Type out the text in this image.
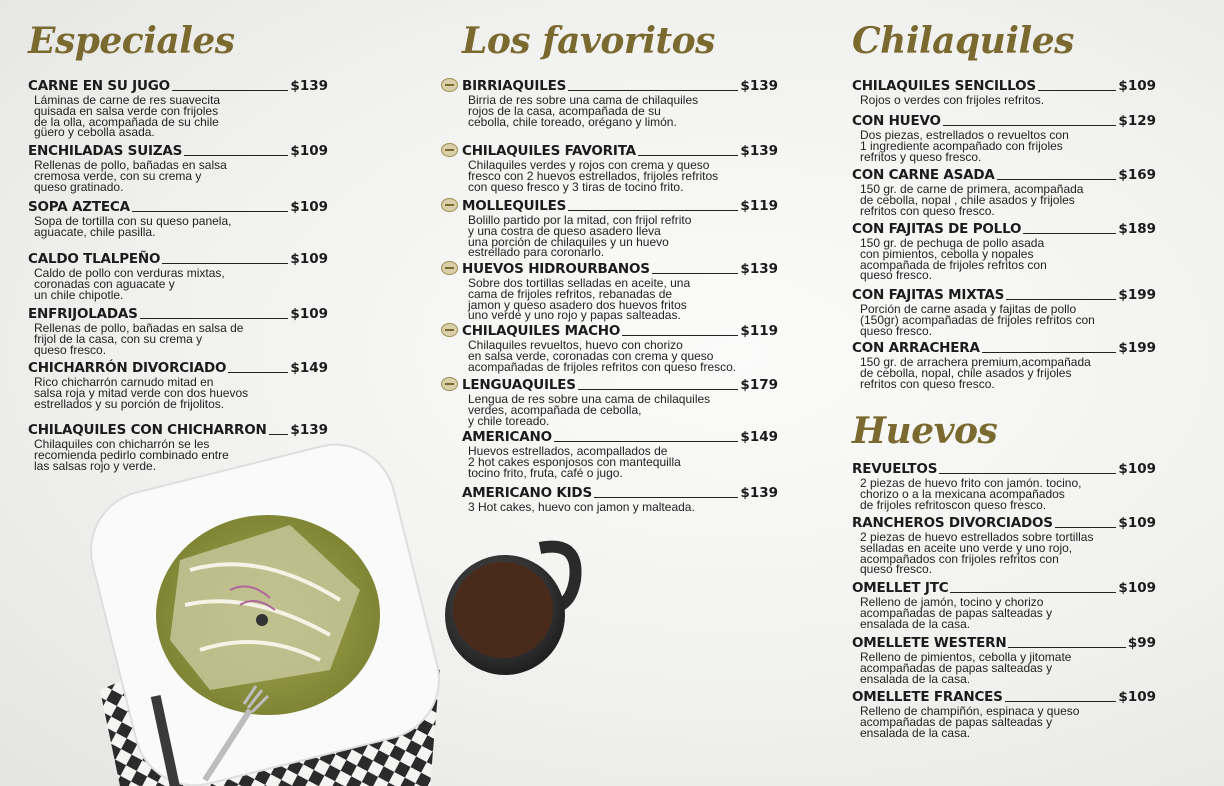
Especiales
CARNE EN SU JUGO	$139
Láminas de carne de res suavecita
quisada en salsa verde con frijoles
de la olla, acompañada de su chile
güero y cebolla asada.
ENCHILADAS SUIZAS	$109
Rellenas de pollo, bañadas en salsa
cremosa verde, con su crema y
queso gratinado.
SOPA AZTECA	$109
Sopa de tortilla con su queso panela,
aguacate, chile pasilla.
CALDO TLALPEÑO	$109
Caldo de pollo con verduras mixtas,
coronadas con aguacate y
un chile chipotle.
ENFRIJOLADAS	$109
Rellenas de pollo, bañadas en salsa de
frijol de la casa, con su crema y
queso fresco.
CHICHARRÓN DIVORCIADO	$149
Rico chicharrón carnudo mitad en
salsa roja y mitad verde con dos huevos
estrellados y su porción de frijolitos.
CHILAQUILES CON CHICHARRON $139
Chilaquiles con chicharrón se les
recomienda pedirlo combinado entre
las salsas rojo y verde.
Los favoritos
BIRRIAQUILES	$139
Birria de res sobre una cama de chilaquiles
rojos de la casa, acompañada de su
cebolla, chile toreado, orégano y limón.
CHILAQUILES FAVORITA	$139
Chilaquiles verdes y rojos con crema y queso
fresco con 2 huevos estrellados, frijoles refritos
con queso fresco y 3 tiras de tocino frito.
MOLLEQUILES	$119
Bolillo partido por la mitad, con frijol refrito
y una costra de queso asadero lleva
una porción de chilaquiles y un huevo
estrellado para coronarlo.
HUEVOS HIDROURBANOS	$139
Sobre dos tortillas selladas en aceite, una
cama de frijoles refritos, rebanadas de
jamon y queso asadero dos huevos fritos
uno verde y uno rojo y papas salteadas.
CHILAQUILES MACHO	$119
Chilaquiles revueltos, huevo con chorizo
en salsa verde, coronadas con crema y queso
acompañadas de frijoles refritos con queso fresco.
LENGUAQUILES	$179
Lengua de res sobre una cama de chilaquiles
verdes, acompañada de cebolla,
y chile toreado.
AMERICANO	$149
Huevos estrellados, acompallados de
2 hot cakes esponjosos con mantequilla
tocino frito, fruta, café o jugo.
AMERICANO KIDS	$139
3 Hot cakes, huevo con jamon y malteada.
Chilaquiles
CHILAQUILES SENCILLOS	$109
Rojos o verdes con frijoles refritos.
CON HUEVO	$129
Dos piezas, estrellados o revueltos con
1 ingrediente acompañado con frijoles
refritos y queso fresco.
CON CARNE ASADA	$169
150 gr. de carne de primera, acompañada
de cebolla, nopal , chile asados y frijoles
refritos con queso fresco.
CON FAJITAS DE POLLO	$189
150 gr. de pechuga de pollo asada
con pimientos, cebolla y nopales
acompañada de frijoles refritos con
queso fresco.
CON FAJITAS MIXTAS	$199
Porción de carne asada y fajitas de pollo
(150gr) acompañadas de frijoles refritos con
queso fresco.
CON ARRACHERA	$199
150 gr. de arrachera premium,acompañada
de cebolla, nopal, chile asados y frijoles
refritos con queso fresco.
Huevos
REVUELTOS	$109
2 piezas de huevo frito con jamón. tocino,
chorizo o a la mexicana acompañados
de frijoles refritoscon queso fresco.
RANCHEROS DIVORCIADOS	$109
2 piezas de huevo estrellados sobre tortillas
selladas en aceite uno verde y uno rojo,
acompañados con frijoles refritos con
queso fresco.
OMELLET JTC	$109
Relleno de jamón, tocino y chorizo
acompañadas de papas salteadas y
ensalada de la casa.
OMELLETE WESTERN	$99
Relleno de pimientos, cebolla y jitomate
acompañadas de papas salteadas y
ensalada de la casa.
OMELLETE FRANCES	$109
Relleno de champiñón, espinaca y queso
acompañadas de papas salteadas y
ensalada de la casa.
